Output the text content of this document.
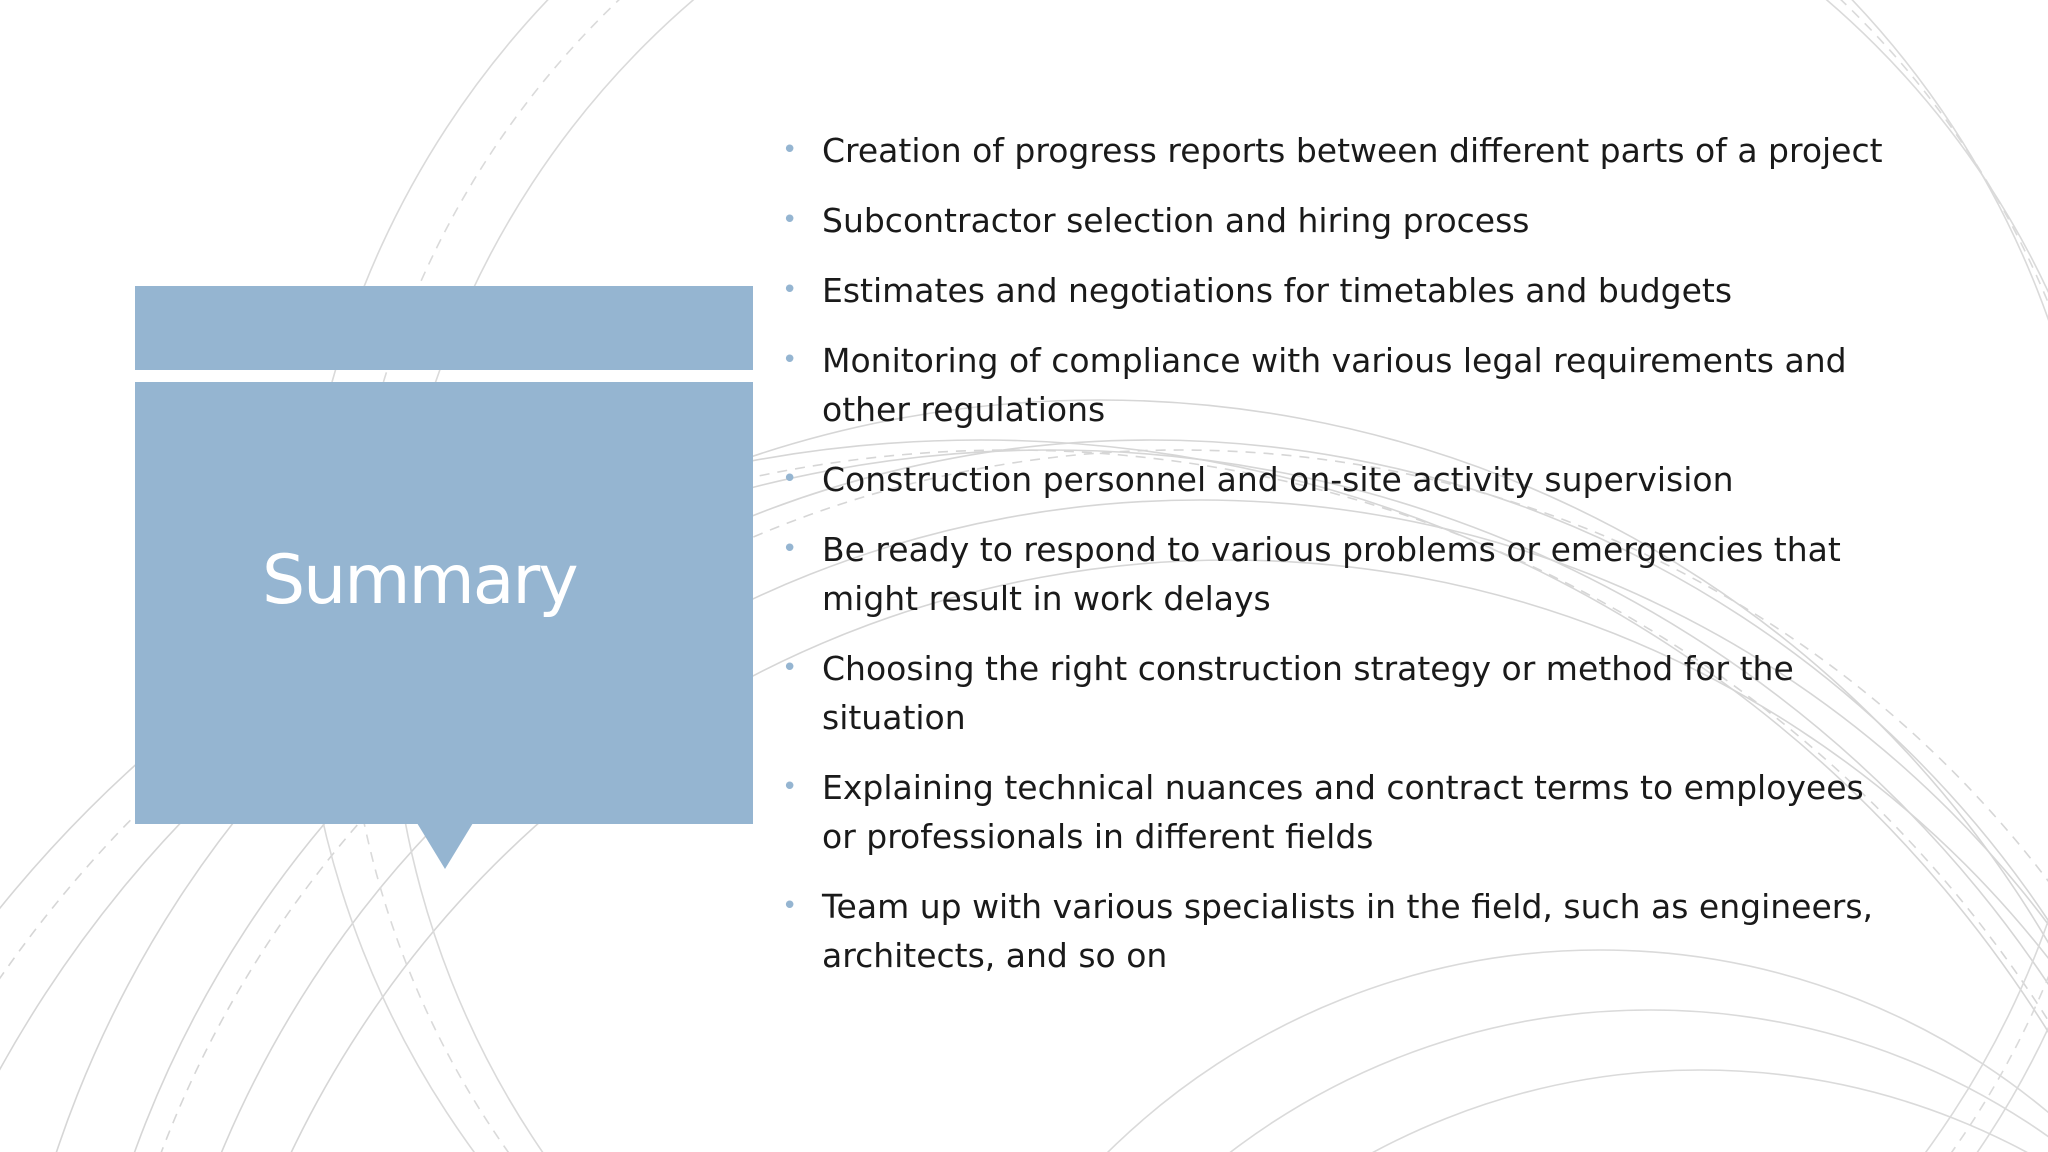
Summary
• Creation of progress reports between different parts of a project
• Subcontractor selection and hiring process
• Estimates and negotiations for timetables and budgets
• Monitoring of compliance with various legal requirements and other regulations
• Construction personnel and on-site activity supervision
• Be ready to respond to various problems or emergencies that might result in work delays
• Choosing the right construction strategy or method for the situation
• Explaining technical nuances and contract terms to employees or professionals in different fields
• Team up with various specialists in the field, such as engineers, architects, and so on
